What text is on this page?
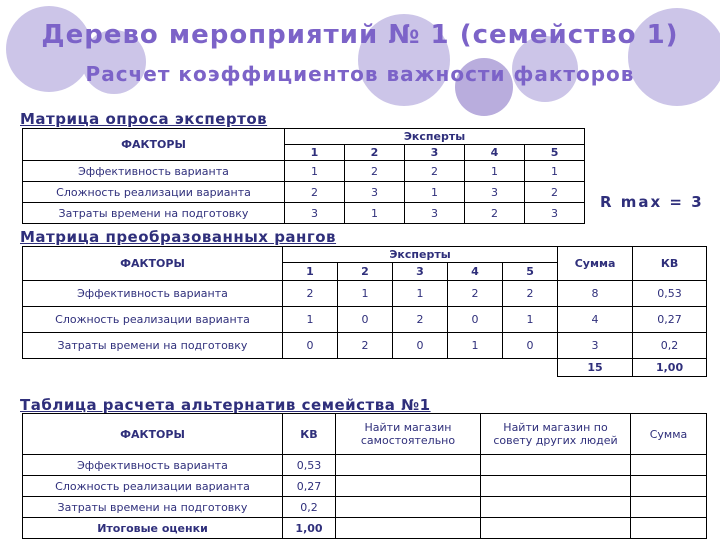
Дерево мероприятий № 1 (семейство 1)
Расчет коэффициентов важности факторов
Матрица опроса экспертов
ФАКТОРЫ	Эксперты				
	1	2	3	4	5
Эффективность варианта	1	2	2	1	1
Сложность реализации варианта	2	3	1	3	2
Затраты времени на подготовку	3	1	3	2	3
R max = 3
Матрица преобразованных рангов
ФАКТОРЫ	Эксперты					Сумма	КВ
	1	2	3	4	5		
Эффективность варианта	2	1	1	2	2	8	0,53
Сложность реализации варианта	1	0	2	0	1	4	0,27
Затраты времени на подготовку	0	2	0	1	0	3	0,2
						15	1,00
Таблица расчета альтернатив семейства №1
ФАКТОРЫ	КВ	Найти магазин самостоятельно	Найти магазин по совету других людей	Сумма
Эффективность варианта	0,53			
Сложность реализации варианта	0,27			
Затраты времени на подготовку	0,2			
Итоговые оценки	1,00			
